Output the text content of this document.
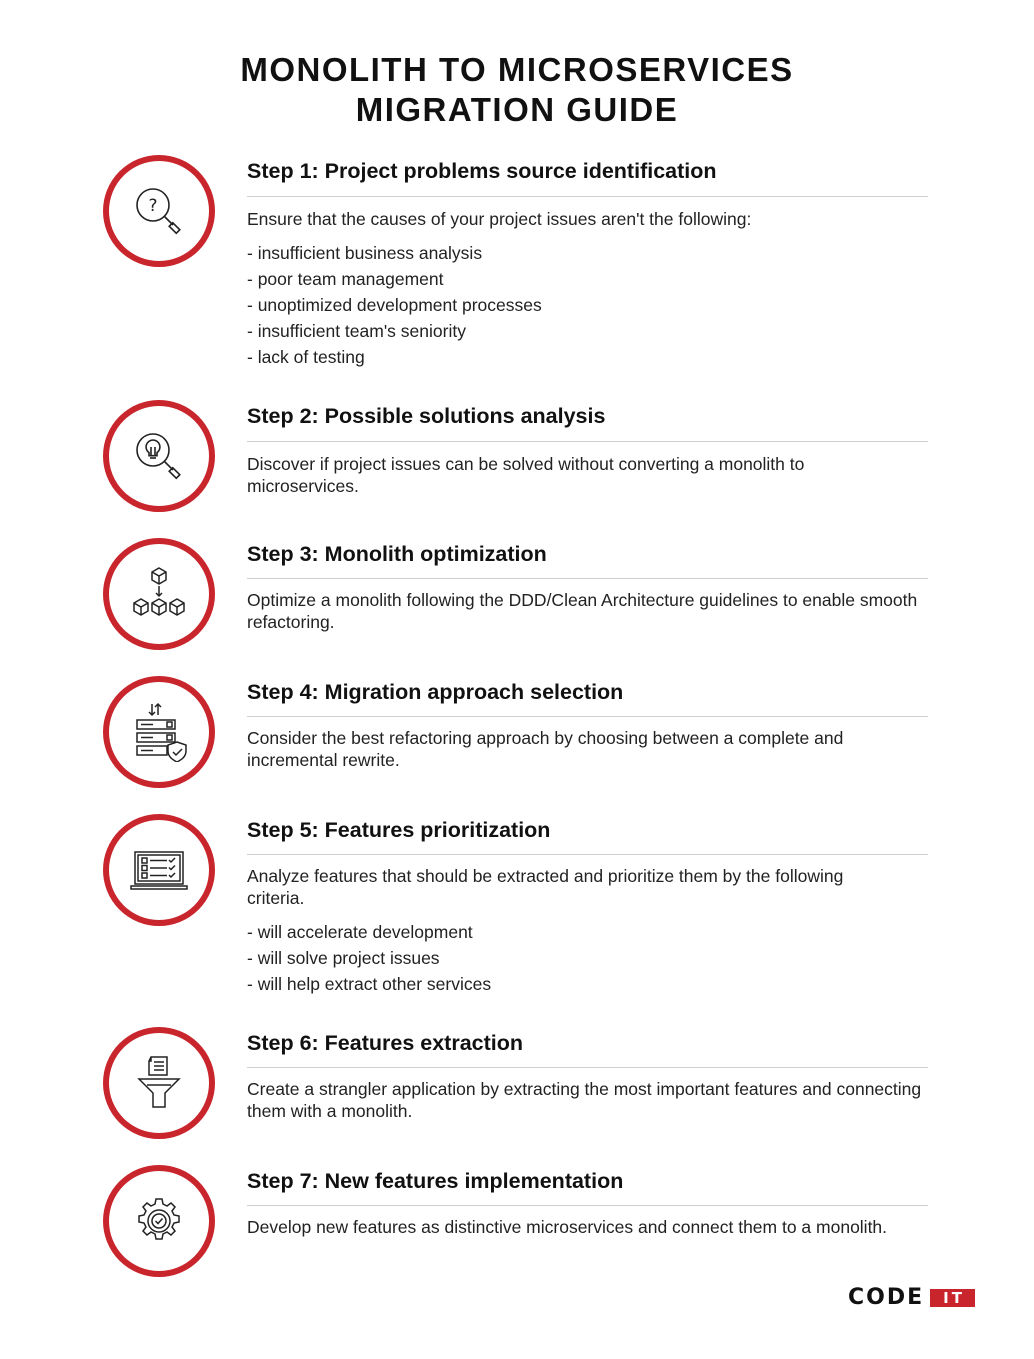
MONOLITH TO MICROSERVICES
MIGRATION GUIDE
?
Step 1: Project problems source identification

Ensure that the causes of your project issues aren't the following:

- insufficient business analysis
- poor team management
- unoptimized development processes
- insufficient team's seniority
- lack of testing
Step 2: Possible solutions analysis

Discover if project issues can be solved without converting a monolith to microservices.

Step 3: Monolith optimization

Optimize a monolith following the DDD/Clean Architecture guidelines to enable smooth refactoring.

Step 4: Migration approach selection

Consider the best refactoring approach by choosing between a complete and incremental rewrite.

Step 5: Features prioritization

Analyze features that should be extracted and prioritize them by the following criteria.

- will accelerate development
- will solve project issues
- will help extract other services
Step 6: Features extraction

Create a strangler application by extracting the most important features and connecting them with a monolith.

Step 7: New features implementation

Develop new features as distinctive microservices and connect them to a monolith.

CODE	IT
